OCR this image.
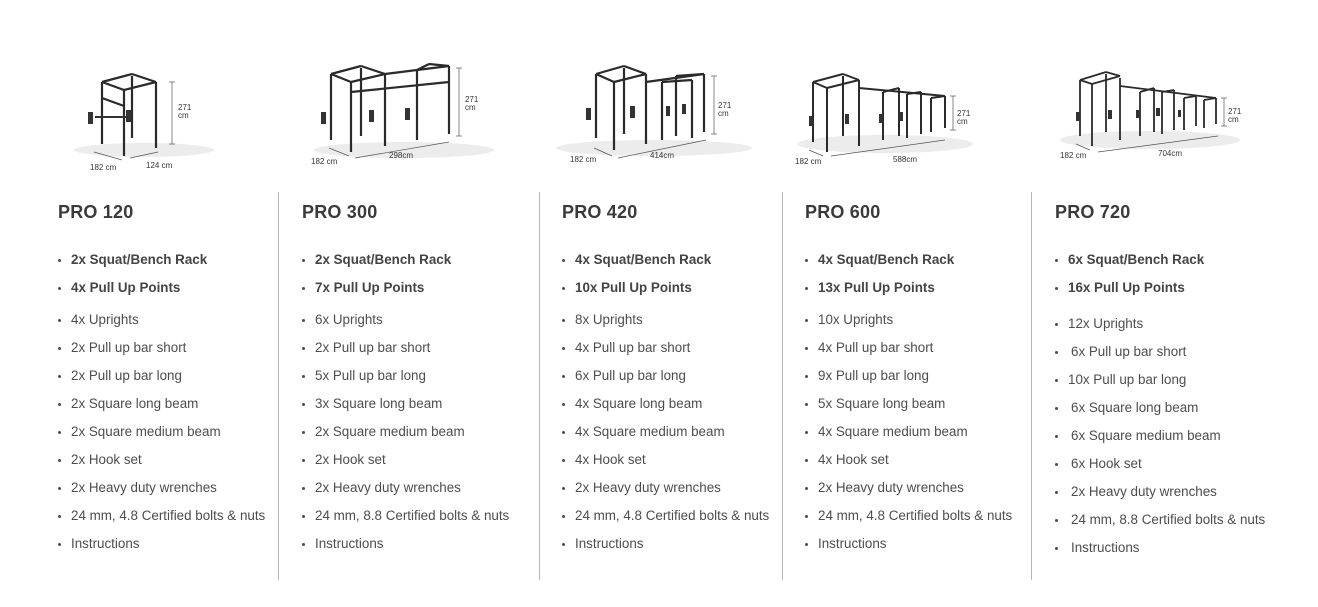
271
cm
182 cm	124 cm
PRO 120
2x Squat/Bench Rack
4x Pull Up Points
4x Uprights
2x Pull up bar short
2x Pull up bar long
2x Square long beam
2x Square medium beam
2x Hook set
2x Heavy duty wrenches
24 mm, 4.8 Certified bolts & nuts
Instructions
271
cm
182 cm
298cm
PRO 300
2x Squat/Bench Rack
7x Pull Up Points
6x Uprights
2x Pull up bar short
5x Pull up bar long
3x Square long beam
2x Square medium beam
2x Hook set
2x Heavy duty wrenches
24 mm, 8.8 Certified bolts & nuts
Instructions
271
cm
182 cm	414cm
PRO 420
4x Squat/Bench Rack
10x Pull Up Points
8x Uprights
4x Pull up bar short
6x Pull up bar long
4x Square long beam
4x Square medium beam
4x Hook set
2x Heavy duty wrenches
24 mm, 4.8 Certified bolts & nuts
Instructions
271
cm
182 cm	588cm
PRO 600
4x Squat/Bench Rack
13x Pull Up Points
10x Uprights
4x Pull up bar short
9x Pull up bar long
5x Square long beam
4x Square medium beam
4x Hook set
2x Heavy duty wrenches
24 mm, 4.8 Certified bolts & nuts
Instructions
271
cm
182 cm	704cm
PRO 720
6x Squat/Bench Rack
16x Pull Up Points
12x Uprights
6x Pull up bar short
10x Pull up bar long
6x Square long beam
6x Square medium beam
6x Hook set
2x Heavy duty wrenches
24 mm, 8.8 Certified bolts & nuts
Instructions
